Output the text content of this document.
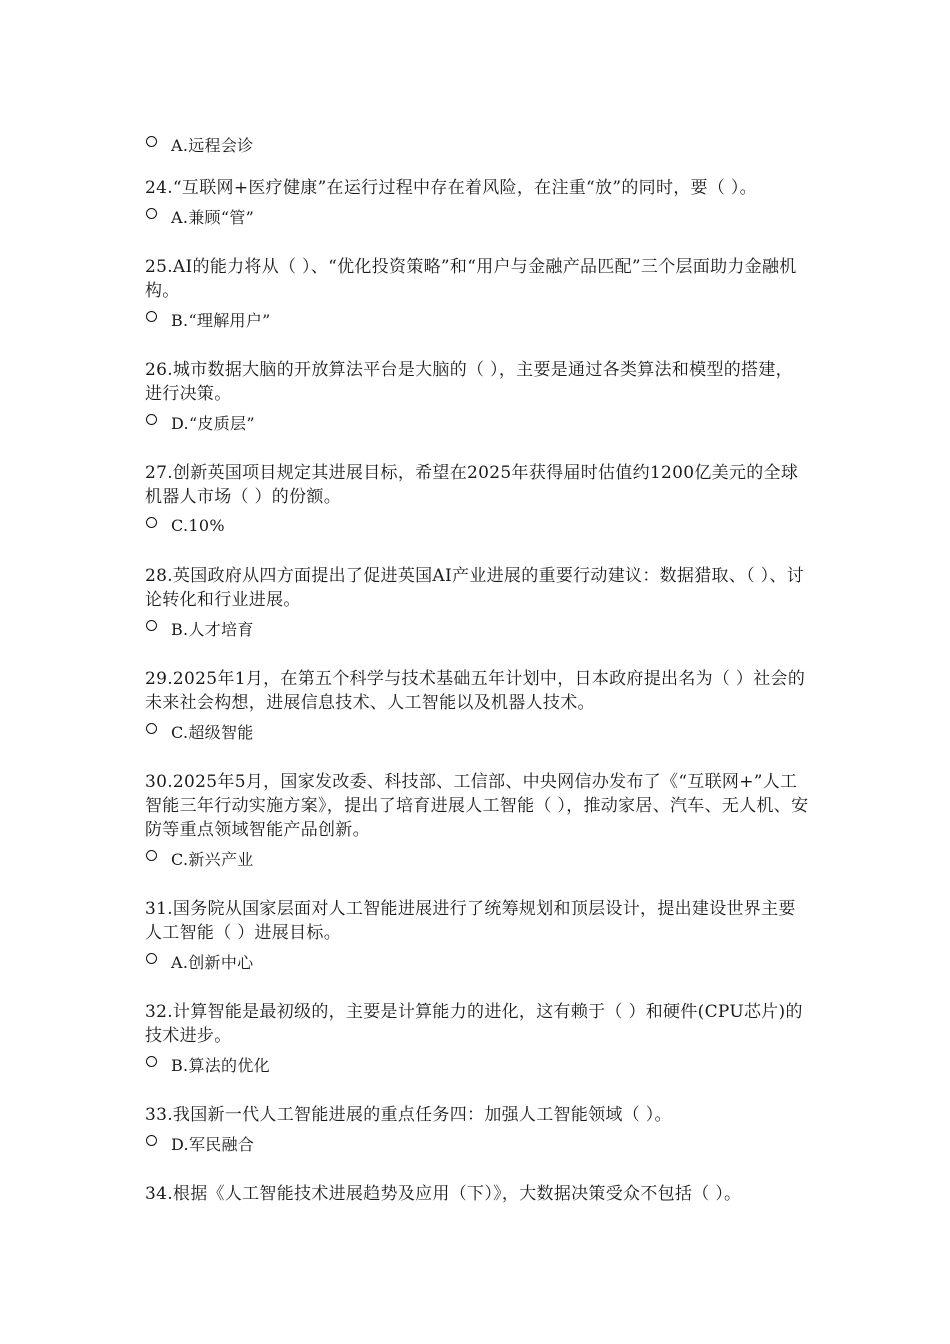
A.远程会诊

24.“互联网+医疗健康”在运行过程中存在着风险，在注重“放”的同时，要（ ）。

A.兼顾“管”

25.AI的能力将从（ ）、“优化投资策略”和“用户与金融产品匹配”三个层面助力金融机构。

B.“理解用户”

26.城市数据大脑的开放算法平台是大脑的（ ），主要是通过各类算法和模型的搭建，进行决策。

D.“皮质层”

27.创新英国项目规定其进展目标，希望在2025年获得届时估值约1200亿美元的全球机器人市场（ ）的份额。

C.10%

28.英国政府从四方面提出了促进英国AI产业进展的重要行动建议：数据猎取、（ ）、讨论转化和行业进展。

B.人才培育

29.2025年1月，在第五个科学与技术基础五年计划中，日本政府提出名为（ ）社会的未来社会构想，进展信息技术、人工智能以及机器人技术。

C.超级智能

30.2025年5月，国家发改委、科技部、工信部、中央网信办发布了《“互联网+”人工智能三年行动实施方案》，提出了培育进展人工智能（ ），推动家居、汽车、无人机、安防等重点领域智能产品创新。

C.新兴产业

31.国务院从国家层面对人工智能进展进行了统筹规划和顶层设计，提出建设世界主要人工智能（ ）进展目标。

A.创新中心

32.计算智能是最初级的，主要是计算能力的进化，这有赖于（ ）和硬件(CPU芯片)的技术进步。

B.算法的优化

33.我国新一代人工智能进展的重点任务四：加强人工智能领域（ ）。

D.军民融合

34.根据《人工智能技术进展趋势及应用（下）》，大数据决策受众不包括（ ）。
